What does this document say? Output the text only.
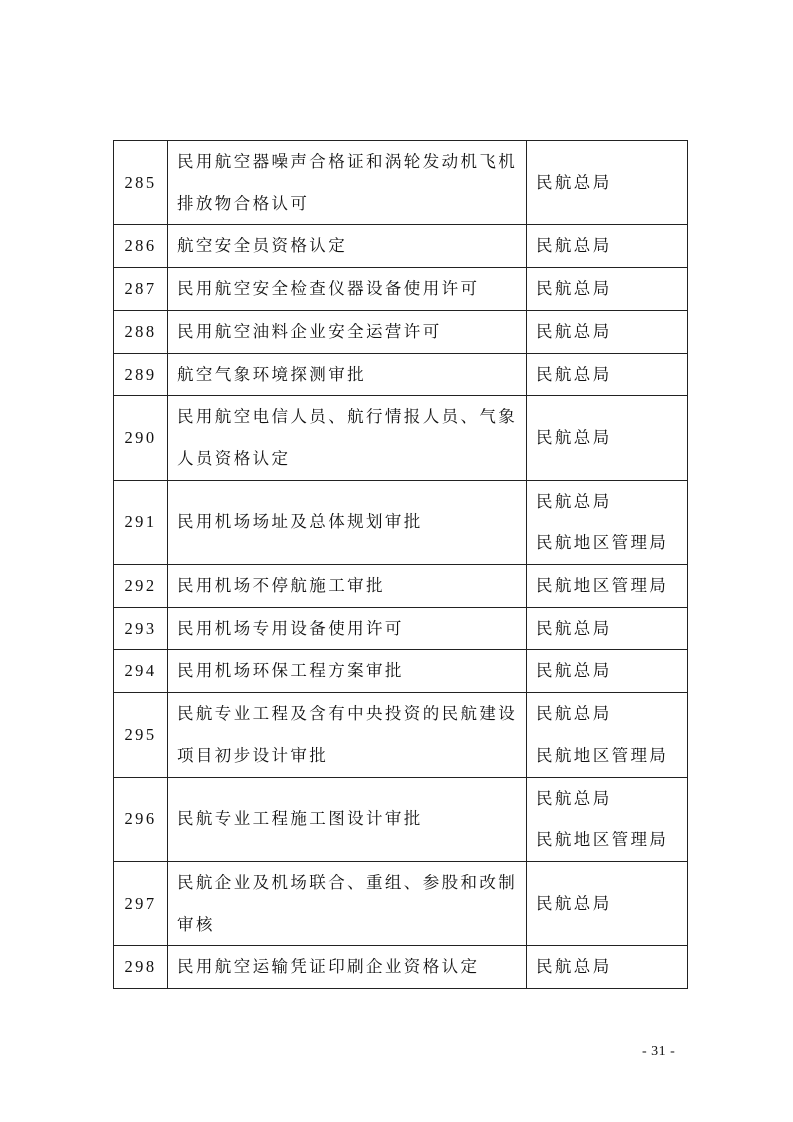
285	民用航空器噪声合格证和涡轮发动机飞机
排放物合格认可	民航总局

286	航空安全员资格认定	民航总局

287	民用航空安全检查仪器设备使用许可	民航总局

288	民用航空油料企业安全运营许可	民航总局

289	航空气象环境探测审批	民航总局

290	民用航空电信人员、航行情报人员、气象
人员资格认定	民航总局

291	民用机场场址及总体规划审批	民航总局
民航地区管理局

292	民用机场不停航施工审批	民航地区管理局

293	民用机场专用设备使用许可	民航总局

294	民用机场环保工程方案审批	民航总局

295	民航专业工程及含有中央投资的民航建设
项目初步设计审批	民航总局
民航地区管理局

296	民航专业工程施工图设计审批	民航总局
民航地区管理局

297	民航企业及机场联合、重组、参股和改制
审核	民航总局

298	民用航空运输凭证印刷企业资格认定	民航总局
- 31 -
